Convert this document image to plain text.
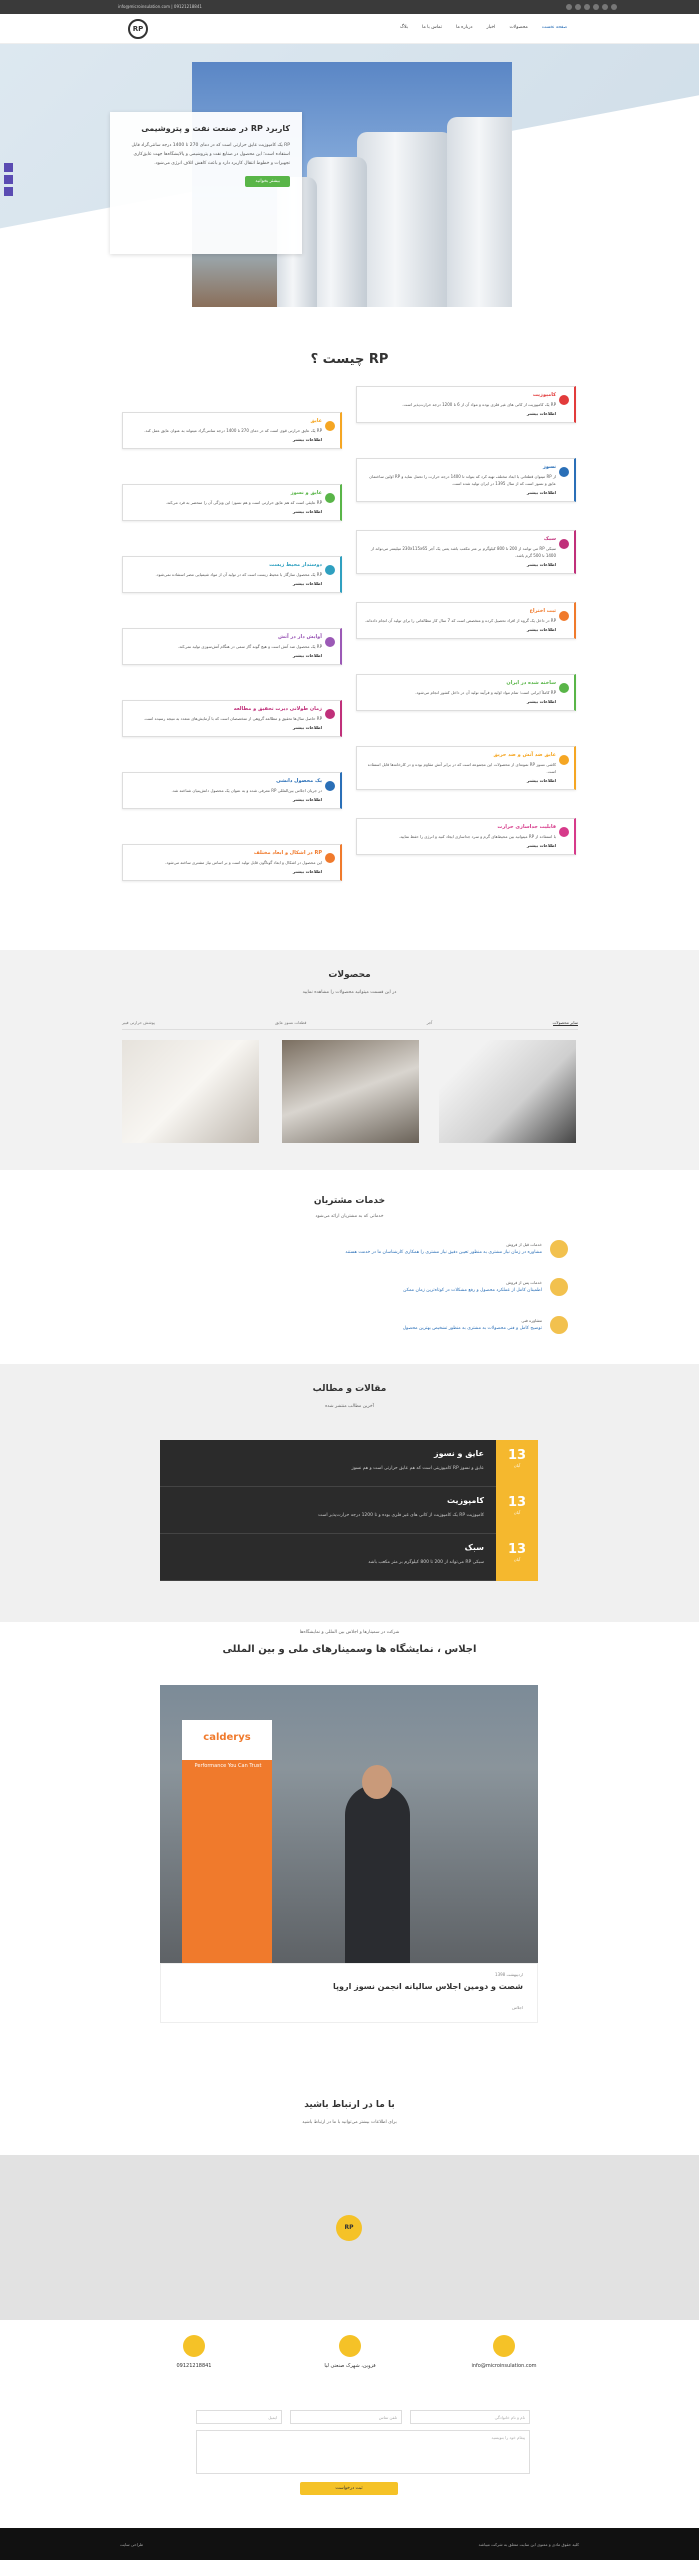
info@microinsulation.com | 09121218841
RP	صفحه نخست
محصولات
اخبار
درباره ما
تماس با ما
بلاگ
کاربرد RP در صنعت نفت و پتروشیمی

RP یک کامپوزیت عایق حرارتی است که در دمای 270 تا 1400 درجه سانتی‌گراد قابل استفاده است؛ این محصول در صنایع نفت و پتروشیمی و پالایشگاه‌ها جهت عایق‌کاری تجهیزات و خطوط انتقال کاربرد دارد و باعث کاهش اتلاف انرژی می‌شود.

بیشتر بخوانید
RP چیست ؟
کامپوزیت

RP یک کامپوزیت از کانی های غیر فلزی بوده و مواد آن از 6 تا 1200 درجه حرارت‌پذیر است.

اطلاعات بیشتر
نسوز

از RP میتوان قطعاتی با ابعاد مختلف تهیه کرد که بتواند تا 1400 درجه حرارت را تحمل نماید و RP اولین ساختمان عایق و نسوز است که از سال 1395 در ایران تولید شده است.

اطلاعات بیشتر
سبک

سبکی RP می توانند از 200 تا 800 کیلوگرم بر متر مکعب باشد یعنی یک آجر 230x115x65 میلیمتر می‌تواند از 1400 تا 500 گرم باشد.

اطلاعات بیشتر
ثبت اختراع

RP در داخل یک گروه از افراد تحصیل کرده و متخصص است که 7 سال کار مطالعاتی را برای تولید آن انجام داده‌اند.

اطلاعات بیشتر
ساخته شده در ایران

RP کاملاً ایرانی است؛ تمام مواد اولیه و فرآیند تولید آن در داخل کشور انجام می‌شود.

اطلاعات بیشتر
عایق ضد آتش و ضد حریق

کاشی نسوز RP نمونه‌ای از محصولات این مجموعه است که در برابر آتش مقاوم بوده و در کارخانه‌ها قابل استفاده است.

اطلاعات بیشتر
قابلیت جداسازی حرارت

با استفاده از RP میتوانید بین محیط‌های گرم و سرد جداسازی ایجاد کنید و انرژی را حفظ نمایید.

اطلاعات بیشتر
عایق

RP یک عایق حرارتی قوی است که در دمای 270 تا 1400 درجه سانتی‌گراد میتواند به عنوان عایق عمل کند.

اطلاعات بیشتر
عایق و نسوز

RP عایقی است که هم عایق حرارتی است و هم نسوز؛ این ویژگی آن را منحصر به فرد می‌کند.

اطلاعات بیشتر
دوستدار محیط زیست

RP یک محصول سازگار با محیط زیست است که در تولید آن از مواد شیمیایی مضر استفاده نمی‌شود.

اطلاعات بیشتر
آوایش دار در آتش

RP یک محصول ضد آتش است و هیچ گونه گاز سمی در هنگام آتش‌سوزی تولید نمی‌کند.

اطلاعات بیشتر
زمان طولانی دیرت تحقیق و مطالعه

RP حاصل سال‌ها تحقیق و مطالعه گروهی از متخصصان است که با آزمایش‌های متعدد به نتیجه رسیده است.

اطلاعات بیشتر
یک محصول دانشی

در جریان اجلاس بین‌المللی RP معرفی شده و به عنوان یک محصول دانش‌بنیان شناخته شد.

اطلاعات بیشتر
RP در اشکال و ابعاد مختلف

این محصول در اشکال و ابعاد گوناگون قابل تولید است و بر اساس نیاز مشتری ساخته می‌شود.

اطلاعات بیشتر
محصولات
در این قسمت میتوانید محصولات را مشاهده نمایید
سایر محصولات
آجر
قطعات نسوز عایق
پوشش حرارتی فیبر
خدمات مشتریان
خدماتی که به مشتریان ارائه می‌شود
خدمات قبل از فروش
مشاوره در زمان نیاز مشتری به منظور تعیین دقیق نیاز مشتری را همکاری کارشناسان ما در خدمت هستند
خدمات پس از فروش
اطمینان کامل از عملکرد محصول و رفع مشکلات در کوتاه‌ترین زمان ممکن
مشاوره فنی
توضیح کامل و فنی محصولات به مشتری به منظور تشخیص بهترین محصول
مقالات و مطالب
آخرین مطالب منتشر شده
13
آبان
عایق و نسوز

عایق و نسوز RP کامپوزیتی است که هم عایق حرارتی است و هم نسوز

13
آبان
کامپوزیت

کامپوزیت RP یک کامپوزیت از کانی های غیر فلزی بوده و تا 1200 درجه حرارت‌پذیر است

13
آبان
سبک

سبکی RP می‌تواند از 200 تا 800 کیلوگرم بر متر مکعب باشد

شرکت در سمینارها و اجلاس بین المللی و نمایشگاه‌ها
اجلاس ، نمایشگاه ها وسمینارهای ملی و بین المللی
calderys
Performance You Can Trust
اردیبهشت 1398
شصت و دومین اجلاس سالیانه انجمن نسوز اروپا
اجلاس
با ما در ارتباط باشید
برای اطلاعات بیشتر می‌توانید با ما در ارتباط باشید
RP
info@microinsulation.com
قزوین، شهرک صنعتی لیا
09121218841
نام و نام خانوادگی
تلفن تماس
ایمیل
پیغام خود را بنویسید
ثبت درخواست
کلیه حقوق مادی و معنوی این سایت متعلق به شرکت میباشد
طراحی سایت
